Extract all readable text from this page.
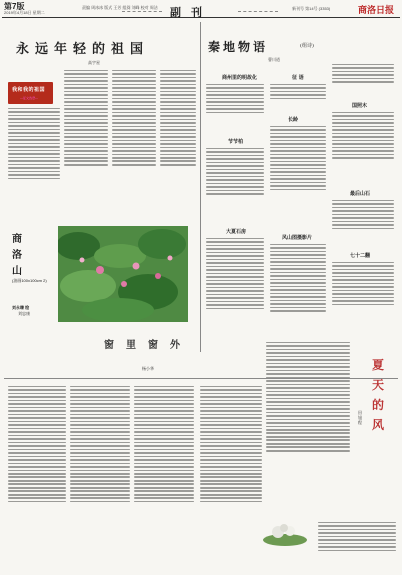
第7版
2019年4月18日 星期二
责编 周冰冰 版式 王芳 组阅 刘峰 校对 周洁 副刊	新刊号 第14号 (3353)	商洛日报
永远年轻的祖国
高宇星
我和我的祖国
—征文选登—
秦地物语	(组诗)
曹川道
商州里的明故化
节节柏
大夏石房
征 语
长龄
风山图摄影片
国照木
最后山石
七十二翻
商洛山
(油画100x100cm 2)
刘永臻 绘
刘忠康
窗里窗外
杨小华	夏天的风
田旭程
